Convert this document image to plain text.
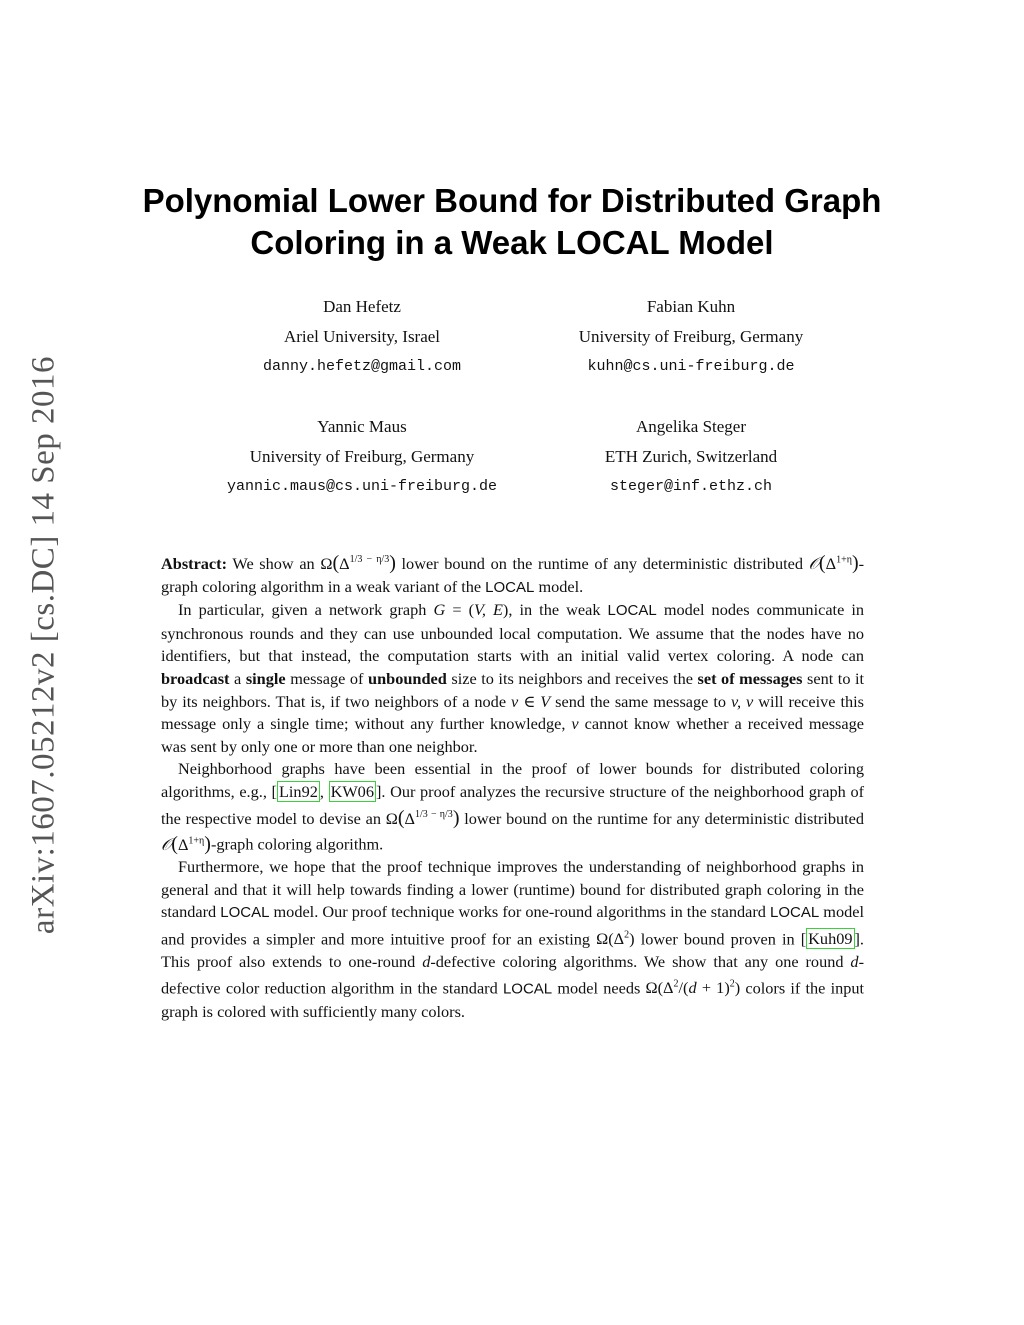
arXiv:1607.05212v2 [cs.DC] 14 Sep 2016
Polynomial Lower Bound for Distributed Graph
Coloring in a Weak LOCAL Model
Dan Hefetz
Ariel University, Israel
danny.hefetz@gmail.com
Fabian Kuhn
University of Freiburg, Germany
kuhn@cs.uni-freiburg.de
Yannic Maus
University of Freiburg, Germany
yannic.maus@cs.uni-freiburg.de
Angelika Steger
ETH Zurich, Switzerland
steger@inf.ethz.ch

Abstract: We show an $\Omega(\Delta^{1/3 - \eta/3})$ lower bound on the runtime of any deterministic distributed $𝒪(\Delta^{1+\eta})$-graph coloring algorithm in a weak variant of the LOCAL model.

In particular, given a network graph G = (V, E), in the weak LOCAL model nodes communicate in synchronous rounds and they can use unbounded local computation. We assume that the nodes have no identifiers, but that instead, the computation starts with an initial valid vertex coloring. A node can broadcast a single message of unbounded size to its neighbors and receives the set of messages sent to it by its neighbors. That is, if two neighbors of a node v ∈ V send the same message to v, v will receive this message only a single time; without any further knowledge, v cannot know whether a received message was sent by only one or more than one neighbor.

Neighborhood graphs have been essential in the proof of lower bounds for distributed coloring algorithms, e.g., [ Lin92 , KW06 ]. Our proof analyzes the recursive structure of the neighborhood graph of the respective model to devise an $\Omega(\Delta^{1/3 - \eta/3})$ lower bound on the runtime for any deterministic distributed $𝒪(\Delta^{1+\eta})$-graph coloring algorithm.

Furthermore, we hope that the proof technique improves the understanding of neighborhood graphs in general and that it will help towards finding a lower (runtime) bound for distributed graph coloring in the standard LOCAL model. Our proof technique works for one-round algorithms in the standard LOCAL model and provides a simpler and more intuitive proof for an existing $\Omega(\Delta^2)$ lower bound proven in [ Kuh09 ]. This proof also extends to one-round d-defective coloring algorithms. We show that any one round d-defective color reduction algorithm in the standard LOCAL model needs $\Omega(\Delta^2/(d + 1)^2)$ colors if the input graph is colored with sufficiently many colors.
